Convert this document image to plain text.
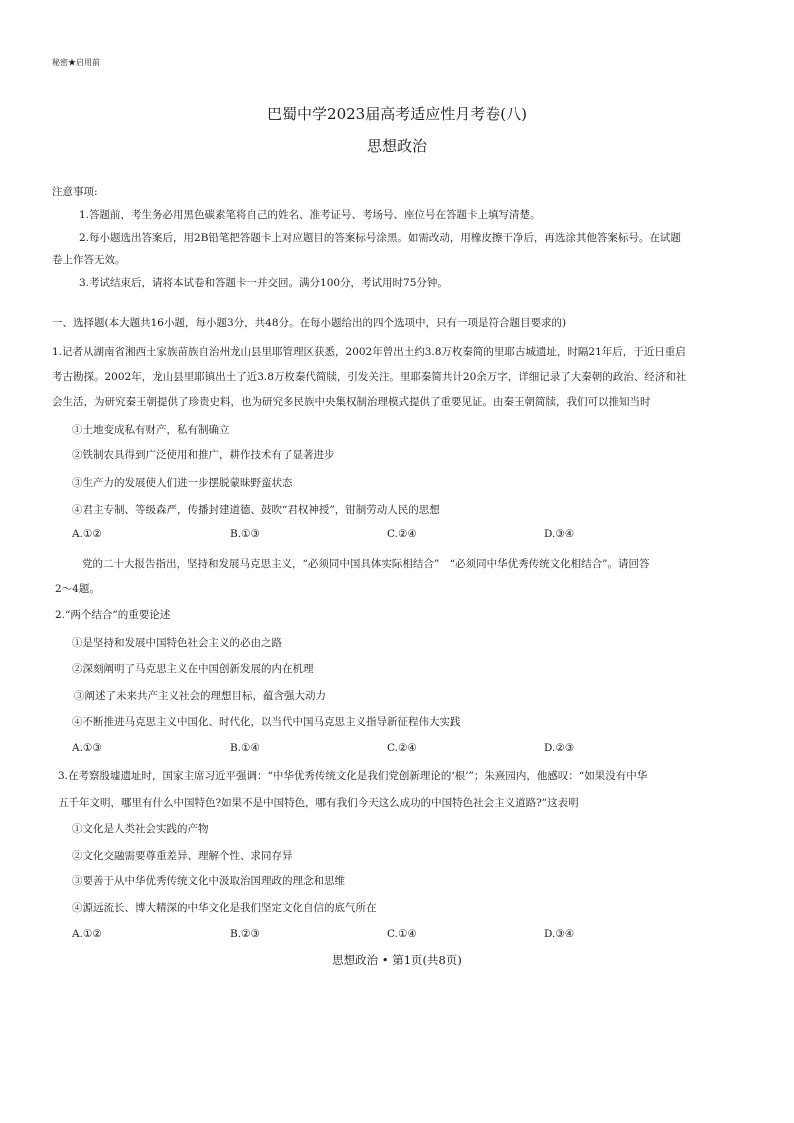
秘密★启用前
巴蜀中学2023届高考适应性月考卷(八)
思想政治
注意事项:
1.答题前，考生务必用黑色碳素笔将自己的姓名、准考证号、考场号、座位号在答题卡上填写清楚。
2.每小题选出答案后，用2B铅笔把答题卡上对应题目的答案标号涂黑。如需改动，用橡皮擦干净后，再选涂其他答案标号。在试题
卷上作答无效。
3.考试结束后，请将本试卷和答题卡一并交回。满分100分，考试用时75分钟。
一、选择题(本大题共16小题，每小题3分，共48分。在每小题给出的四个选项中，只有一项是符合题目要求的)
1.记者从湖南省湘西土家族苗族自治州龙山县里耶管理区获悉，2002年曾出土约3.8万枚秦简的里耶古城遗址，时隔21年后，于近日重启
考古勘探。2002年，龙山县里耶镇出土了近3.8万枚秦代简牍，引发关注。里耶秦简共计20余万字，详细记录了大秦朝的政治、经济和社
会生活，为研究秦王朝提供了珍贵史料，也为研究多民族中央集权制治理模式提供了重要见证。由秦王朝简牍，我们可以推知当时
①土地变成私有财产，私有制确立
②铁制农具得到广泛使用和推广，耕作技术有了显著进步
③生产力的发展使人们进一步摆脱蒙昧野蛮状态
④君主专制、等级森严，传播封建道德、鼓吹“君权神授”，钳制劳动人民的思想
A.①②	B.①③	C.②④	D.③④
党的二十大报告指出，坚持和发展马克思主义，“必须同中国具体实际相结合”　“必须同中华优秀传统文化相结合”。请回答
2～4题。
2.“两个结合”的重要论述
①是坚持和发展中国特色社会主义的必由之路
②深刻阐明了马克思主义在中国创新发展的内在机理
③阐述了未来共产主义社会的理想目标，蕴含强大动力
④不断推进马克思主义中国化、时代化，以当代中国马克思主义指导新征程伟大实践
A.①③	B.①④	C.②④	D.②③
3.在考察殷墟遗址时，国家主席习近平强调：“中华优秀传统文化是我们党创新理论的‘根’”；朱熹园内，他感叹：“如果没有中华
五千年文明，哪里有什么中国特色?如果不是中国特色，哪有我们今天这么成功的中国特色社会主义道路?”这表明
①文化是人类社会实践的产物
②文化交融需要尊重差异、理解个性、求同存异
③要善于从中华优秀传统文化中汲取治国理政的理念和思维
④源远流长、博大精深的中华文化是我们坚定文化自信的底气所在
A.①②	B.②③	C.①④	D.③④
思想政治 • 第1页(共8页)
